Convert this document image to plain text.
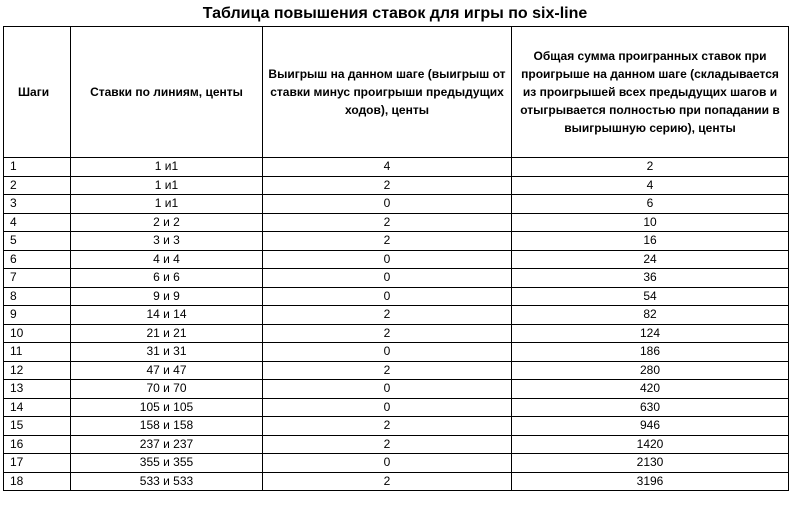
Таблица повышения ставок для игры по six-line
Шаги	Ставки по линиям, центы	Выигрыш на данном шаге (выигрыш от ставки минус проигрыши предыдущих ходов), центы	Общая сумма проигранных ставок при проигрыше на данном шаге (складывается из проигрышей всех предыдущих шагов и отыгрывается полностью при попадании в выигрышную серию), центы
1	1 и1	4	2
2	1 и1	2	4
3	1 и1	0	6
4	2 и 2	2	10
5	3 и 3	2	16
6	4 и 4	0	24
7	6 и 6	0	36
8	9 и 9	0	54
9	14 и 14	2	82
10	21 и 21	2	124
11	31 и 31	0	186
12	47 и 47	2	280
13	70 и 70	0	420
14	105 и 105	0	630
15	158 и 158	2	946
16	237 и 237	2	1420
17	355 и 355	0	2130
18	533 и 533	2	3196
